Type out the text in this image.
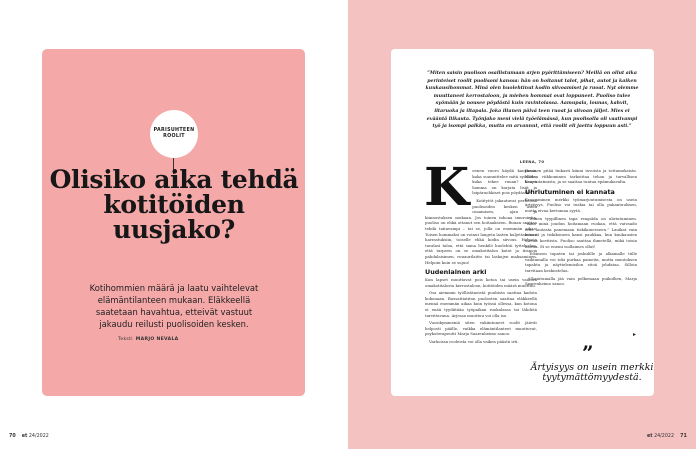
PARISUHTEEN
ROOLIT
Olisiko aika tehdä kotitöiden uusjako?
Kotihommien määrä ja laatu vaihtelevat elämäntilanteen mukaan. Eläkkeellä saatetaan havahtua, etteivät vastuut jakaudu reilusti puolisoiden kesken.
Teksti MARJO NEVALA
70 et 24/2022
”Miten saisin puolison osallistumaan arjen pyörittämiseen? Meillä on ollut aika perinteiset roolit puolisoni kanssa: hän on hoitanut talot, pihat, autot ja kaiken kuukausihommat. Minä olen huolehtinut kodin siivoamiset ja ruoat. Nyt olemme muuttaneet kerrostaloon, ja miehen hommat ovat loppuneet. Puoliso tulee syömään ja nousee pöydästä kuin ravintolassa. Aamupala, lounas, kahvit, iltaruoka ja iltapala. Joka iltanen päivä teen ruoat ja siivoan jäljet. Mies ei evääntä liikauta. Työnjako meni vielä työelämässä, kun puolisolla oli vaativampi työ ja isompi palkka, mutta en arvannut, että roolit eli jaettu loppuun asti.”
LEENA, 70
K eenen vuoro käydä kaupassa, kuka suunnittelee mitä syödään, kuka tekee ruuan? Kenen homma on korjata lisät ja leipäruohkiset pois pöydästä?

Kotitytöt jakautuvat perheissä puolisoiden kesken usein osaamisen, ajan ja kiinnostuksen mukaan. Jos toinen inhoaa imurointia, puoliso on ehkä ottanut sen hoitaakseen. Ruuan saattaa tehdä taitavampi – tai se, jolla on enemmän aikaa. Toisen hommaksi on voinut langeta lasten kuljettaminen harrastuksiin, toiselle ehkä kodin siivous. Helpoin tavalasi taloa, että sama henkilö huolehtii tyttelyalan, että tarpeen on se omakotitalon katot ja tiisnoja pahdalaisimen, ruuaurilaitto tai laskujen maksaminen. Helpoin kuin se sujuu!

Uudenlainen arki

Kun lapset muuttavat pois kotoa tai usein vaihtuu omakotitalosta kerrostaloon, kotitöiden määrä muuttuu.

Osa aiemmin työllistäneistä puuhista saattaa kadota kokonaan. Bussattiatiton puolosten saattaa eläkkeellä mennä enemmän aikaa kuin työssä ollessa, kun kotona ei enää tyydiitään työpaikan ruokalassa tai lähdetä tarvittavana. Arjessa muuttuu voi olla iso.

Vuosikymmeniä siten vakiintuneet roolit jäävät helposti päälle, vaikka elämäntilanteet muuttuvat, psykoterapeutti Marja Saarenheimo sanoo.

Varhoissa rooleista voi olla vaikea päästä irti.

Ihminen pitää tiukasti kiinni tavoista ja tottumuksista. Niiden riikkominen tarkoittaa tehon ja turvallisen haoptutatmista, ja se saattaa tuntua epämukavalta.

Uhriutuminen ei kannata

Eroomminen merkki työmarjoutumisesta on usein ärtyisyys. Puoliso voi tuskia tai olla pahantuulinen, mutta eivaa kertomaa syytä.

Toinen tyypillinen tapa reagoida on uhriutuminen. ”Aina minä joudun hoitamaan ruokaa, että vaivaado eräs lautasta panemaan tiskikoneeseen.” Lauikat vain kiivasti ja tiskikoneen kansi paukkaa, kun kuukausien olevaa koettista. Puoliso saattaa ihmetellä, mikä toisia vaivaa. Ei se enemi isollaimes ollut!

Toeineen tapaten tai joskulille ja alkamalle tiille vaihtamalla voi toki purkaa paineita, mutta muutoksen tapahtu ja näyttelemisilon sitoä johdataa. Silloin tarvitaan keskustelua.

Uhriutumalla jää vain pelkemaan puikollien, Marja Saarenheimo sanoo.

▸
”
Ärtyisyys on usein merkki tyytymättömyydestä.
et 24/2022 71
